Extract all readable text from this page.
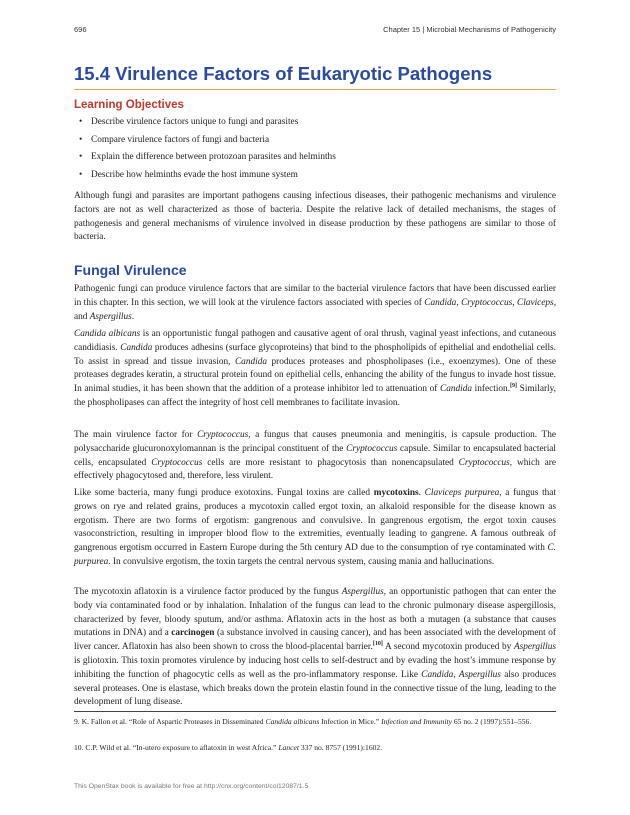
696	Chapter 15 | Microbial Mechanisms of Pathogenicity
15.4 Virulence Factors of Eukaryotic Pathogens
Learning Objectives
• Describe virulence factors unique to fungi and parasites
• Compare virulence factors of fungi and bacteria
• Explain the difference between protozoan parasites and helminths
• Describe how helminths evade the host immune system

Although fungi and parasites are important pathogens causing infectious diseases, their pathogenic mechanisms and virulence factors are not as well characterized as those of bacteria. Despite the relative lack of detailed mechanisms, the stages of pathogenesis and general mechanisms of virulence involved in disease production by these pathogens are similar to those of bacteria.

Fungal Virulence

Pathogenic fungi can produce virulence factors that are similar to the bacterial virulence factors that have been discussed earlier in this chapter. In this section, we will look at the virulence factors associated with species of Candida, Cryptococcus, Claviceps, and Aspergillus.

Candida albicans is an opportunistic fungal pathogen and causative agent of oral thrush, vaginal yeast infections, and cutaneous candidiasis. Candida produces adhesins (surface glycoproteins) that bind to the phospholipids of epithelial and endothelial cells. To assist in spread and tissue invasion, Candida produces proteases and phospholipases (i.e., exoenzymes). One of these proteases degrades keratin, a structural protein found on epithelial cells, enhancing the ability of the fungus to invade host tissue. In animal studies, it has been shown that the addition of a protease inhibitor led to attenuation of Candida infection.[9] Similarly, the phospholipases can affect the integrity of host cell membranes to facilitate invasion.

The main virulence factor for Cryptococcus, a fungus that causes pneumonia and meningitis, is capsule production. The polysaccharide glucuronoxylomannan is the principal constituent of the Cryptococcus capsule. Similar to encapsulated bacterial cells, encapsulated Cryptococcus cells are more resistant to phagocytosis than nonencapsulated Cryptococcus, which are effectively phagocytosed and, therefore, less virulent.

Like some bacteria, many fungi produce exotoxins. Fungal toxins are called mycotoxins. Claviceps purpurea, a fungus that grows on rye and related grains, produces a mycotoxin called ergot toxin, an alkaloid responsible for the disease known as ergotism. There are two forms of ergotism: gangrenous and convulsive. In gangrenous ergotism, the ergot toxin causes vasoconstriction, resulting in improper blood flow to the extremities, eventually leading to gangrene. A famous outbreak of gangrenous ergotism occurred in Eastern Europe during the 5th century AD due to the consumption of rye contaminated with C. purpurea. In convulsive ergotism, the toxin targets the central nervous system, causing mania and hallucinations.

The mycotoxin aflatoxin is a virulence factor produced by the fungus Aspergillus, an opportunistic pathogen that can enter the body via contaminated food or by inhalation. Inhalation of the fungus can lead to the chronic pulmonary disease aspergillosis, characterized by fever, bloody sputum, and/or asthma. Aflatoxin acts in the host as both a mutagen (a substance that causes mutations in DNA) and a carcinogen (a substance involved in causing cancer), and has been associated with the development of liver cancer. Aflatoxin has also been shown to cross the blood-placental barrier.[10] A second mycotoxin produced by Aspergillus is gliotoxin. This toxin promotes virulence by inducing host cells to self-destruct and by evading the host’s immune response by inhibiting the function of phagocytic cells as well as the pro-inflammatory response. Like Candida, Aspergillus also produces several proteases. One is elastase, which breaks down the protein elastin found in the connective tissue of the lung, leading to the development of lung disease.

9. K. Fallon et al. “Role of Aspartic Proteases in Disseminated Candida albicans Infection in Mice.” Infection and Immunity 65 no. 2 (1997):551–556.

10. C.P. Wild et al. “In-utero exposure to aflatoxin in west Africa.” Lancet 337 no. 8757 (1991):1602.

This OpenStax book is available for free at http://cnx.org/content/col12087/1.5
